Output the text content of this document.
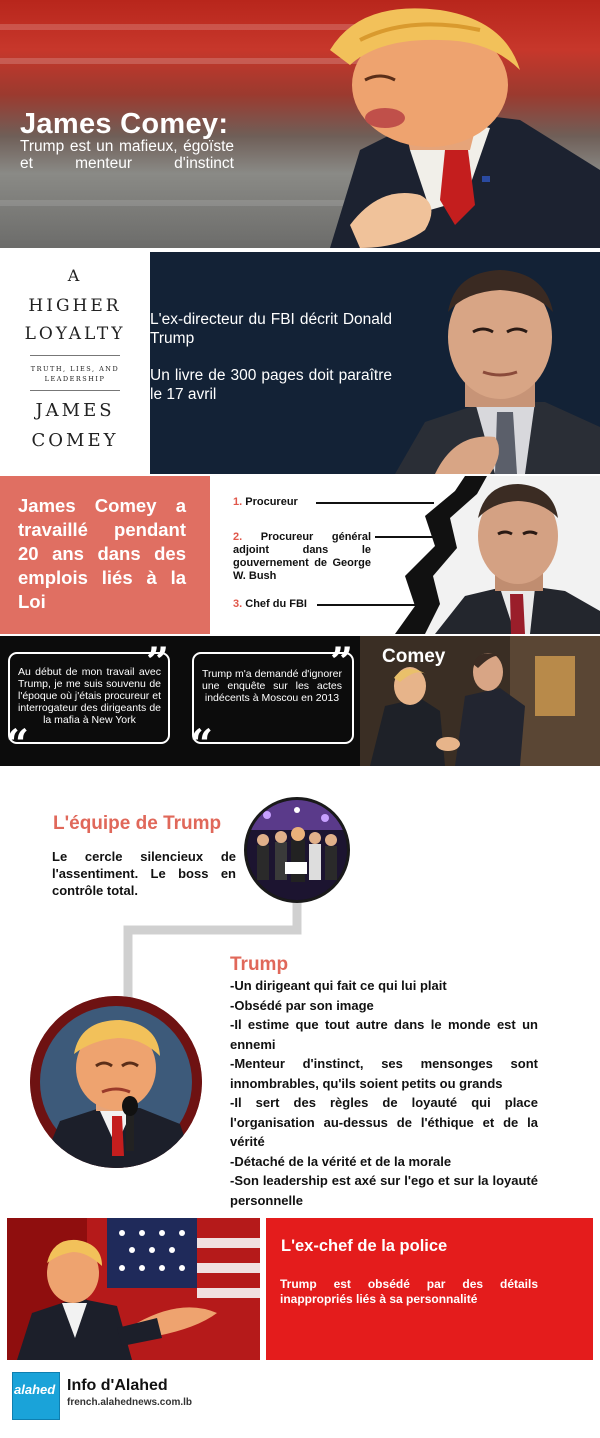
James Comey:
Trump est un mafieux, égoïste et menteur d'instinct
A
HIGHER
LOYALTY
TRUTH, LIES, AND
LEADERSHIP
JAMES
COMEY
L'ex-directeur du FBI décrit Donald Trump
Un livre de 300 pages doit paraître le 17 avril
James Comey a travaillé pendant 20 ans dans des emplois liés à la Loi
1. Procureur
2. Procureur général adjoint dans le gouvernement de George W. Bush
3. Chef du FBI
Au début de mon travail avec Trump, je me suis souvenu de l'époque où j'étais procureur et interrogateur des dirigeants de la mafia à New York
”
“
Trump m'a demandé d'ignorer une enquête sur les actes indécents à Moscou en 2013
”
“
Comey
L'équipe de Trump
Le cercle silencieux de l'assentiment. Le boss en contrôle total.
Trump
-Un dirigeant qui fait ce qui lui plait
-Obsédé par son image
-Il estime que tout autre dans le monde est un ennemi
-Menteur d'instinct, ses mensonges sont innombrables, qu'ils soient petits ou grands
-Il sert des règles de loyauté qui place l'organisation au-dessus de l'éthique et de la vérité
-Détaché de la vérité et de la morale
-Son leadership est axé sur l'ego et sur la loyauté personnelle
L'ex-chef de la police
Trump est obsédé par des détails inappropriés liés à sa personnalité
alahed Info d'Alahed
french.alahednews.com.lb
